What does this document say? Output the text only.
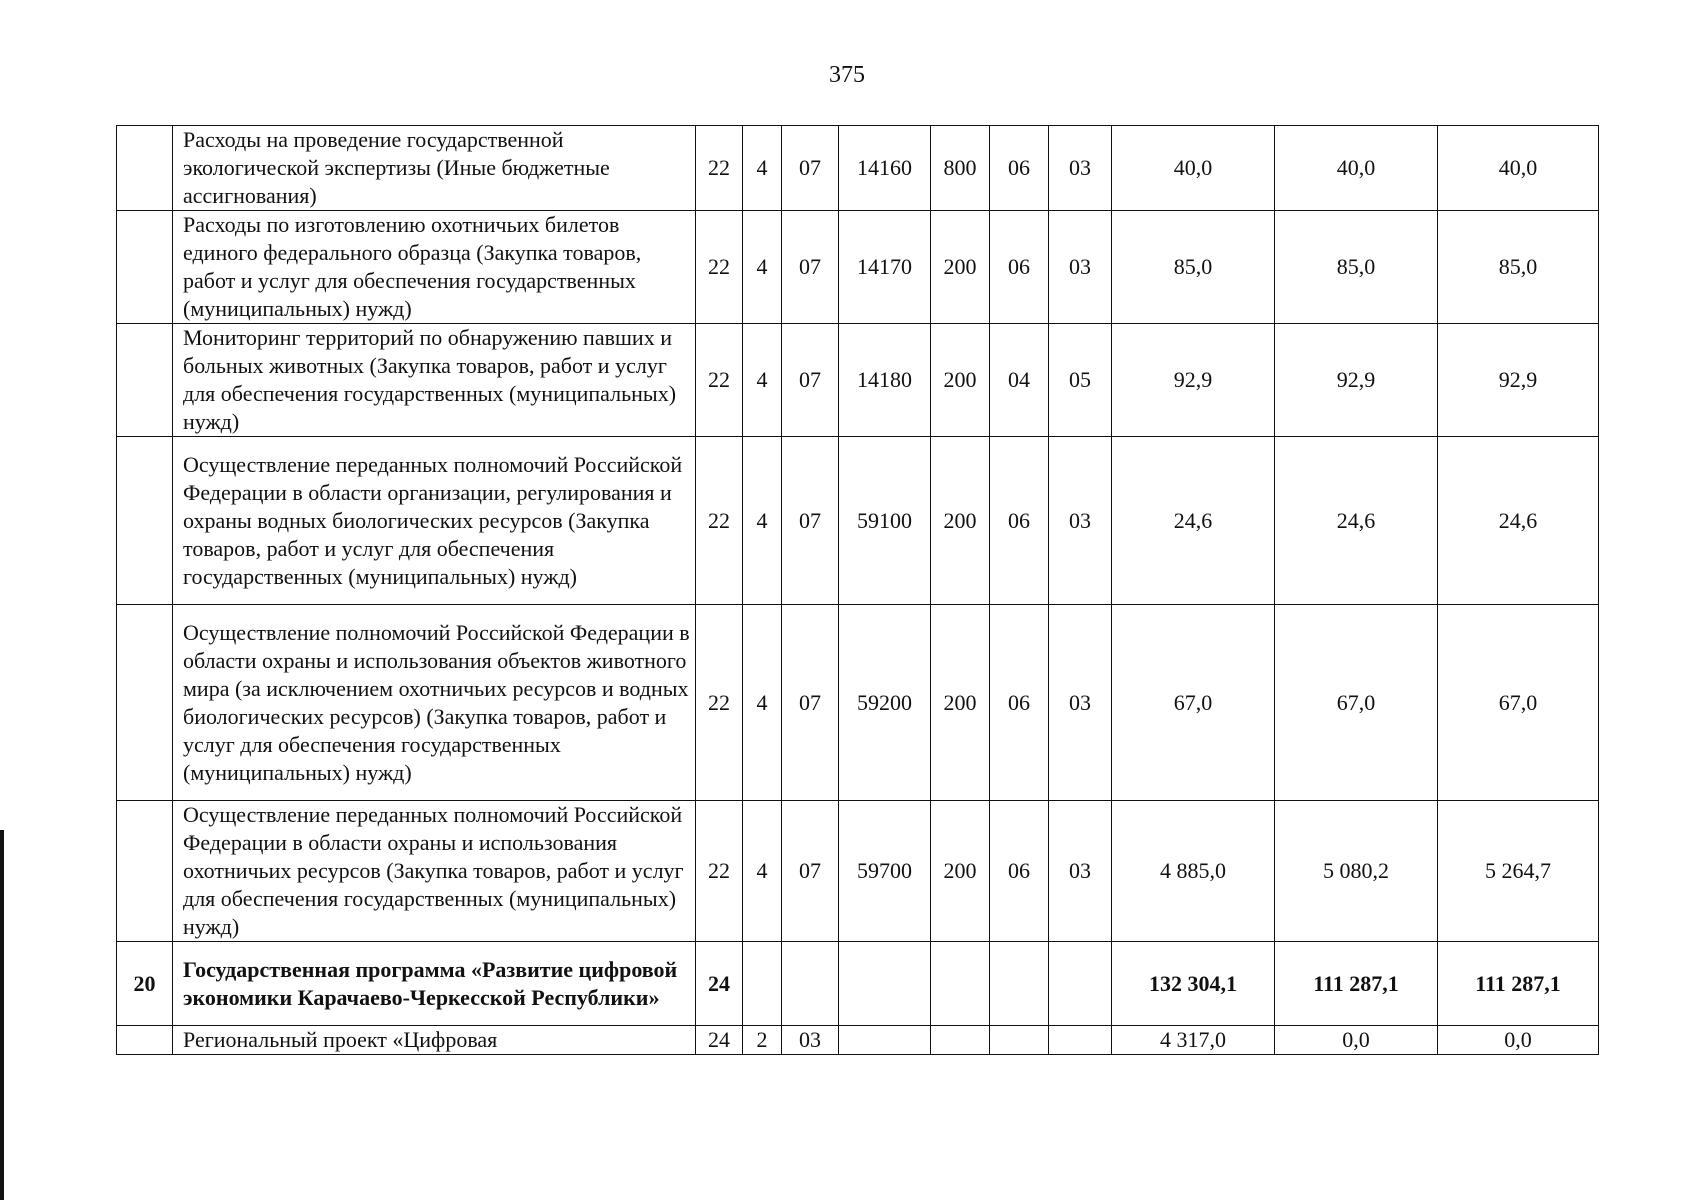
375
	Расходы на проведение государственной экологической экспертизы (Иные бюджетные ассигнования)	22	4	07	14160	800	06	03	40,0	40,0	40,0
	Расходы по изготовлению охотничьих билетов единого федерального образца (Закупка товаров, работ и услуг для обеспечения государственных (муниципальных) нужд)	22	4	07	14170	200	06	03	85,0	85,0	85,0
	Мониторинг территорий по обнаружению павших и больных животных (Закупка товаров, работ и услуг для обеспечения государственных (муниципальных) нужд)	22	4	07	14180	200	04	05	92,9	92,9	92,9
	Осуществление переданных полномочий Российской Федерации в области организации, регулирования и охраны водных биологических ресурсов (Закупка товаров, работ и услуг для обеспечения государственных (муниципальных) нужд)	22	4	07	59100	200	06	03	24,6	24,6	24,6
	Осуществление полномочий Российской Федерации в области охраны и использования объектов животного мира (за исключением охотничьих ресурсов и водных биологических ресурсов) (Закупка товаров, работ и услуг для обеспечения государственных (муниципальных) нужд)	22	4	07	59200	200	06	03	67,0	67,0	67,0
	Осуществление переданных полномочий Российской Федерации в области охраны и использования охотничьих ресурсов (Закупка товаров, работ и услуг для обеспечения государственных (муниципальных) нужд)	22	4	07	59700	200	06	03	4 885,0	5 080,2	5 264,7
20	Государственная программа «Развитие цифровой экономики Карачаево-Черкесской Республики»	24							132 304,1	111 287,1	111 287,1
	Региональный проект «Цифровая	24	2	03					4 317,0	0,0	0,0
